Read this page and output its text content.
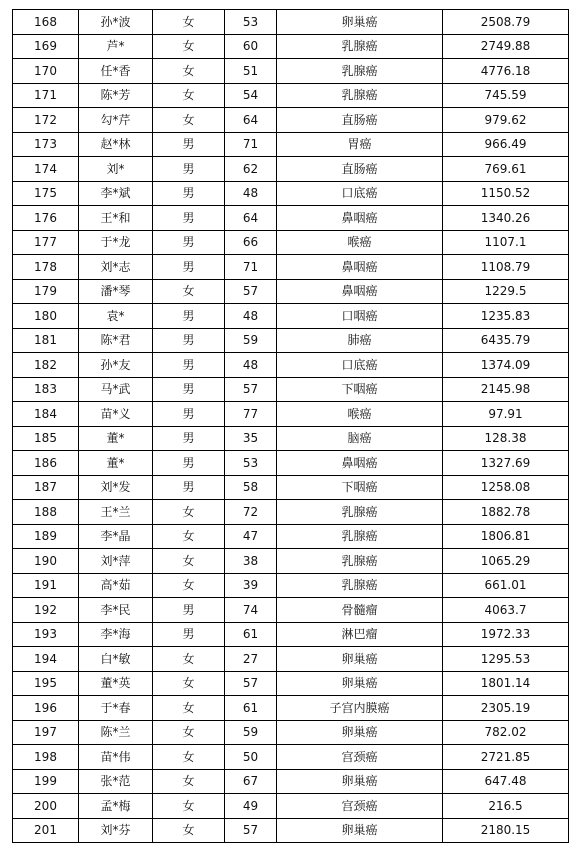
168	孙*波	女	53	卵巢癌	2508.79
169	芦*	女	60	乳腺癌	2749.88
170	任*香	女	51	乳腺癌	4776.18
171	陈*芳	女	54	乳腺癌	745.59
172	勾*芹	女	64	直肠癌	979.62
173	赵*林	男	71	胃癌	966.49
174	刘*	男	62	直肠癌	769.61
175	李*斌	男	48	口底癌	1150.52
176	王*和	男	64	鼻咽癌	1340.26
177	于*龙	男	66	喉癌	1107.1
178	刘*志	男	71	鼻咽癌	1108.79
179	潘*琴	女	57	鼻咽癌	1229.5
180	袁*	男	48	口咽癌	1235.83
181	陈*君	男	59	肺癌	6435.79
182	孙*友	男	48	口底癌	1374.09
183	马*武	男	57	下咽癌	2145.98
184	苗*义	男	77	喉癌	97.91
185	董*	男	35	脑癌	128.38
186	董*	男	53	鼻咽癌	1327.69
187	刘*发	男	58	下咽癌	1258.08
188	王*兰	女	72	乳腺癌	1882.78
189	李*晶	女	47	乳腺癌	1806.81
190	刘*萍	女	38	乳腺癌	1065.29
191	高*茹	女	39	乳腺癌	661.01
192	李*民	男	74	骨髓瘤	4063.7
193	李*海	男	61	淋巴瘤	1972.33
194	白*敏	女	27	卵巢癌	1295.53
195	董*英	女	57	卵巢癌	1801.14
196	于*春	女	61	子宫内膜癌	2305.19
197	陈*兰	女	59	卵巢癌	782.02
198	苗*伟	女	50	宫颈癌	2721.85
199	张*范	女	67	卵巢癌	647.48
200	孟*梅	女	49	宫颈癌	216.5
201	刘*芬	女	57	卵巢癌	2180.15
